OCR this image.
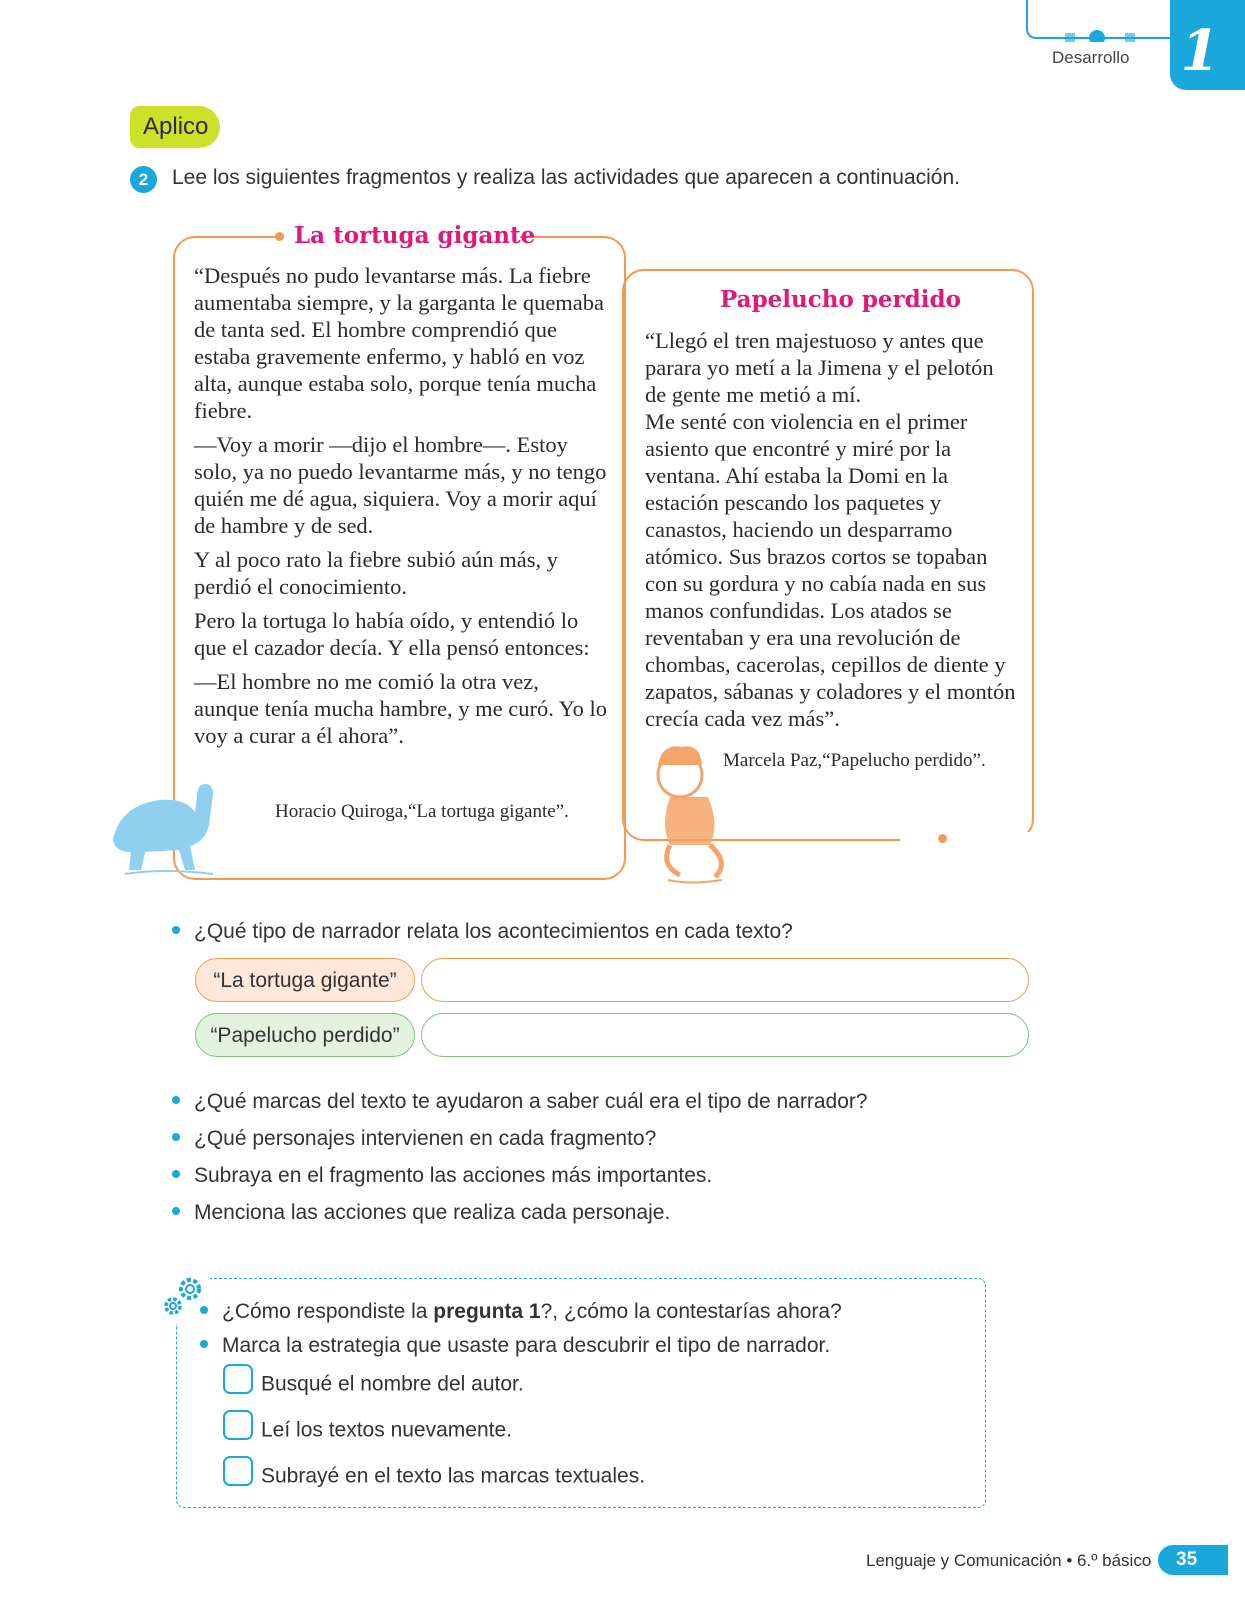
Desarrollo 1
Aplico
2	Lee los siguientes fragmentos y realiza las actividades que aparecen a continuación.
La tortuga gigante

“Después no pudo levantarse más. La fiebre aumentaba siempre, y la garganta le quemaba de tanta sed. El hombre comprendió que estaba gravemente enfermo, y habló en voz alta, aunque estaba solo, porque tenía mucha fiebre.

—Voy a morir —dijo el hombre—. Estoy solo, ya no puedo levantarme más, y no tengo quién me dé agua, siquiera. Voy a morir aquí de hambre y de sed.

Y al poco rato la fiebre subió aún más, y perdió el conocimiento.

Pero la tortuga lo había oído, y entendió lo que el cazador decía. Y ella pensó entonces:

—El hombre no me comió la otra vez, aunque tenía mucha hambre, y me curó. Yo lo voy a curar a él ahora”.

Horacio Quiroga,“La tortuga gigante”.
Papelucho perdido

“Llegó el tren majestuoso y antes que parara yo metí a la Jimena y el pelotón de gente me metió a mí.

Me senté con violencia en el primer asiento que encontré y miré por la ventana. Ahí estaba la Domi en la estación pescando los paquetes y canastos, haciendo un desparramo atómico. Sus brazos cortos se topaban con su gordura y no cabía nada en sus manos confundidas. Los atados se reventaban y era una revolución de chombas, cacerolas, cepillos de diente y zapatos, sábanas y coladores y el montón crecía cada vez más”.

Marcela Paz,“Papelucho perdido”.
¿Qué tipo de narrador relata los acontecimientos en cada texto?
“La tortuga gigante”
“Papelucho perdido”
¿Qué marcas del texto te ayudaron a saber cuál era el tipo de narrador?
¿Qué personajes intervienen en cada fragmento?
Subraya en el fragmento las acciones más importantes.
Menciona las acciones que realiza cada personaje.
¿Cómo respondiste la pregunta 1?, ¿cómo la contestarías ahora?
Marca la estrategia que usaste para descubrir el tipo de narrador.
Busqué el nombre del autor.
Leí los textos nuevamente.
Subrayé en el texto las marcas textuales.
Lenguaje y Comunicación • 6.º básico	35
